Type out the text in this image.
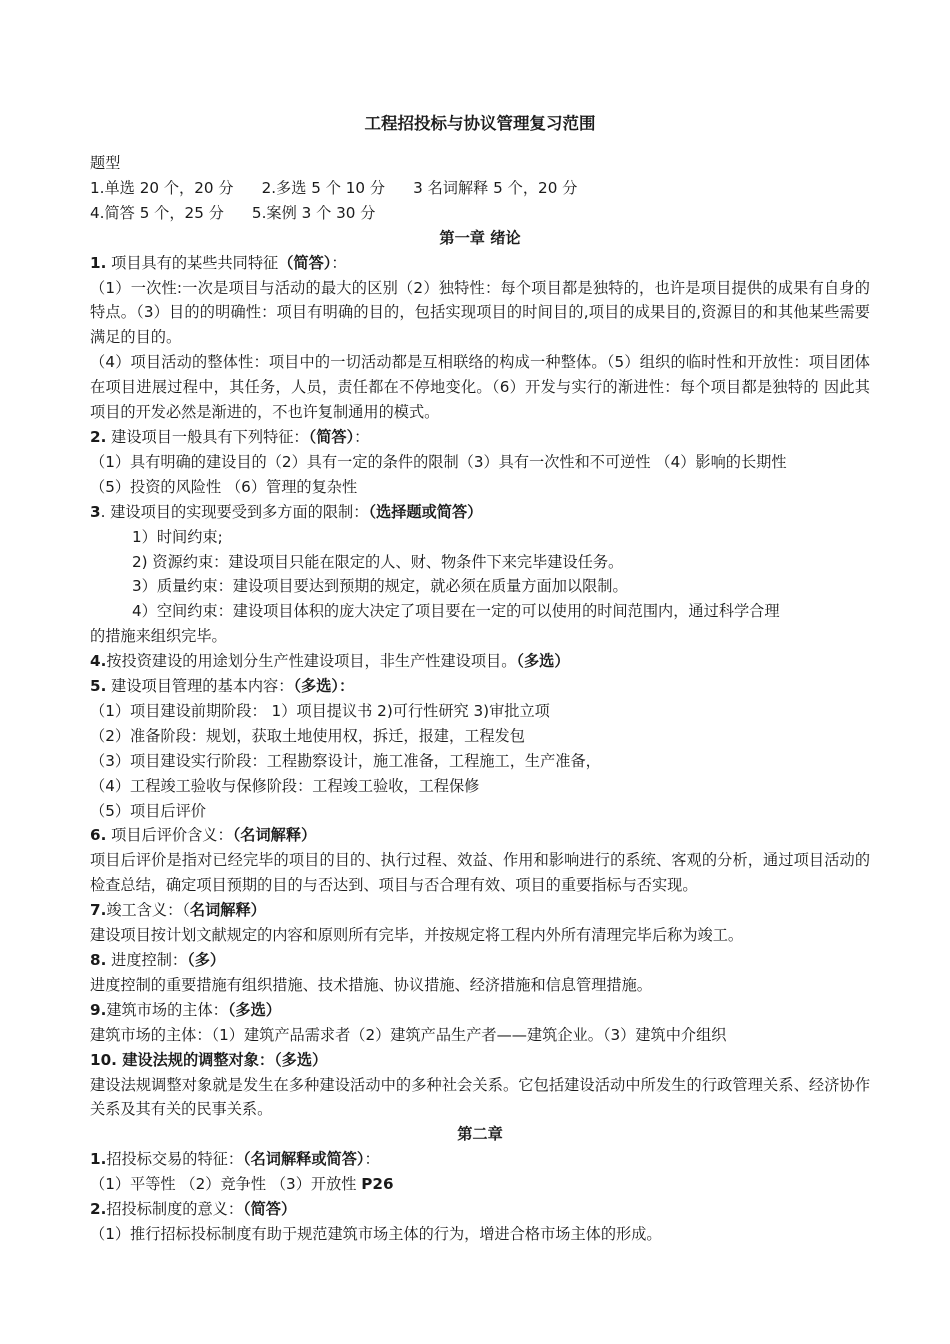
工程招投标与协议管理复习范围
题型
1.单选 20 个，20 分 2.多选 5 个 10 分 3 名词解释 5 个，20 分
4.简答 5 个，25 分 5.案例 3 个 30 分
第一章 绪论
1. 项目具有的某些共同特征（简答）：
（1）一次性:一次是项目与活动的最大的区别（2）独特性：每个项目都是独特的，也许是项目提供的成果有自身的特点。（3）目的的明确性：项目有明确的目的，包括实现项目的时间目的,项目的成果目的,资源目的和其他某些需要满足的目的。
（4）项目活动的整体性：项目中的一切活动都是互相联络的构成一种整体。（5）组织的临时性和开放性：项目团体在项目进展过程中，其任务，人员，责任都在不停地变化。（6）开发与实行的渐进性：每个项目都是独特的 因此其项目的开发必然是渐进的，不也许复制通用的模式。
2. 建设项目一般具有下列特征：（简答）：
（1）具有明确的建设目的（2）具有一定的条件的限制（3）具有一次性和不可逆性 （4）影响的长期性
（5）投资的风险性 （6）管理的复杂性
3. 建设项目的实现要受到多方面的限制：（选择题或简答）
1）时间约束;
2) 资源约束：建设项目只能在限定的人、财、物条件下来完毕建设任务。
3）质量约束：建设项目要达到预期的规定，就必须在质量方面加以限制。
4）空间约束：建设项目体积的庞大决定了项目要在一定的可以使用的时间范围内，通过科学合理
的措施来组织完毕。
4.按投资建设的用途划分生产性建设项目，非生产性建设项目。（多选）
5. 建设项目管理的基本内容：（多选）：
（1）项目建设前期阶段： 1）项目提议书 2)可行性研究 3)审批立项
（2）准备阶段：规划，获取土地使用权，拆迁，报建，工程发包
（3）项目建设实行阶段：工程勘察设计，施工准备，工程施工，生产准备，
（4）工程竣工验收与保修阶段：工程竣工验收，工程保修
（5）项目后评价
6. 项目后评价含义：（名词解释）
项目后评价是指对已经完毕的项目的目的、执行过程、效益、作用和影响进行的系统、客观的分析，通过项目活动的检查总结，确定项目预期的目的与否达到、项目与否合理有效、项目的重要指标与否实现。
7.竣工含义：（名词解释）
建设项目按计划文献规定的内容和原则所有完毕，并按规定将工程内外所有清理完毕后称为竣工。
8. 进度控制：（多）
进度控制的重要措施有组织措施、技术措施、协议措施、经济措施和信息管理措施。
9.建筑市场的主体：（多选）
建筑市场的主体：（1）建筑产品需求者（2）建筑产品生产者——建筑企业。（3）建筑中介组织
10. 建设法规的调整对象：（多选）
建设法规调整对象就是发生在多种建设活动中的多种社会关系。它包括建设活动中所发生的行政管理关系、经济协作关系及其有关的民事关系。
第二章
1.招投标交易的特征：（名词解释或简答）：
（1）平等性 （2）竞争性 （3）开放性 P26
2.招投标制度的意义：（简答）
（1）推行招标投标制度有助于规范建筑市场主体的行为，增进合格市场主体的形成。
